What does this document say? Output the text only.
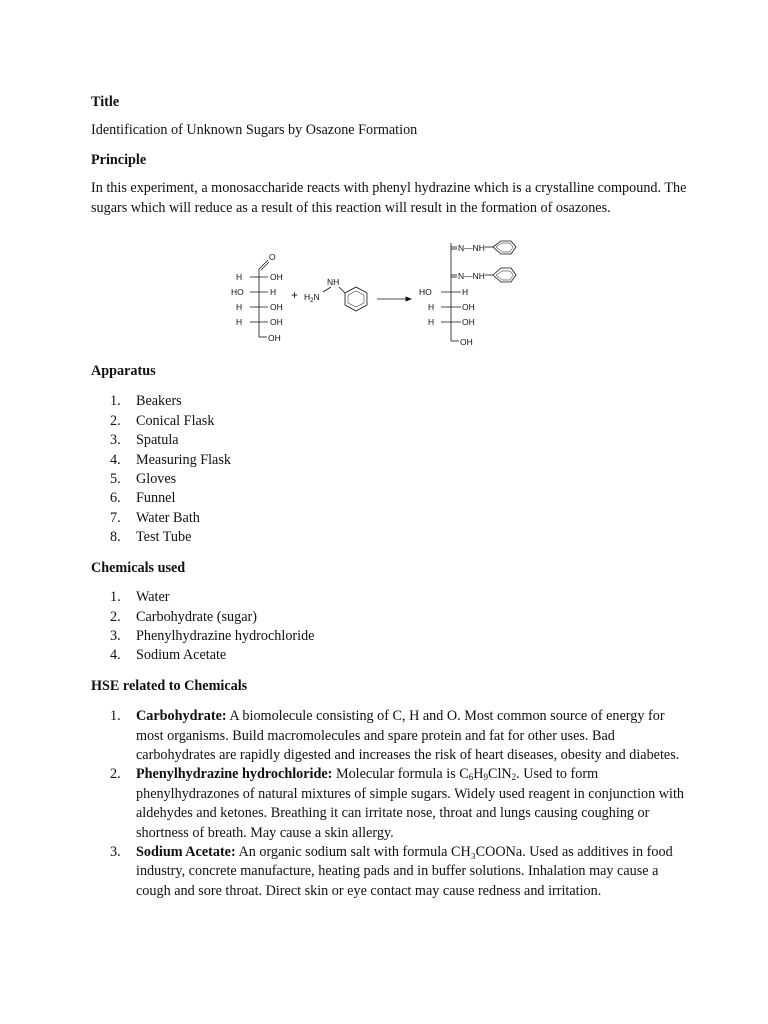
Title

Identification of Unknown Sugars by Osazone Formation

Principle

In this experiment, a monosaccharide reacts with phenyl hydrazine which is a crystalline compound. The sugars which will reduce as a result of this reaction will result in the formation of osazones.

O
H	OH
HO	H
H	OH
H	OH
OH
+ $H_2N$
NH
N—NH
N—NH
HO	H
H	OH
H	OH
OH

Apparatus

1. Beakers
2. Conical Flask
3. Spatula
4. Measuring Flask
5. Gloves
6. Funnel
7. Water Bath
8. Test Tube

Chemicals used

1. Water
2. Carbohydrate (sugar)
3. Phenylhydrazine hydrochloride
4. Sodium Acetate

HSE related to Chemicals

1. Carbohydrate: A biomolecule consisting of C, H and O. Most common source of energy for most organisms. Build macromolecules and spare protein and fat for other uses. Bad carbohydrates are rapidly digested and increases the risk of heart diseases, obesity and diabetes.
2. Phenylhydrazine hydrochloride: Molecular formula is $C_6H_9ClN_2$. Used to form phenylhydrazones of natural mixtures of simple sugars. Widely used reagent in conjunction with aldehydes and ketones. Breathing it can irritate nose, throat and lungs causing coughing or shortness of breath. May cause a skin allergy.
3. Sodium Acetate: An organic sodium salt with formula CH₃COONa. Used as additives in food industry, concrete manufacture, heating pads and in buffer solutions. Inhalation may cause a cough and sore throat. Direct skin or eye contact may cause redness and irritation.
